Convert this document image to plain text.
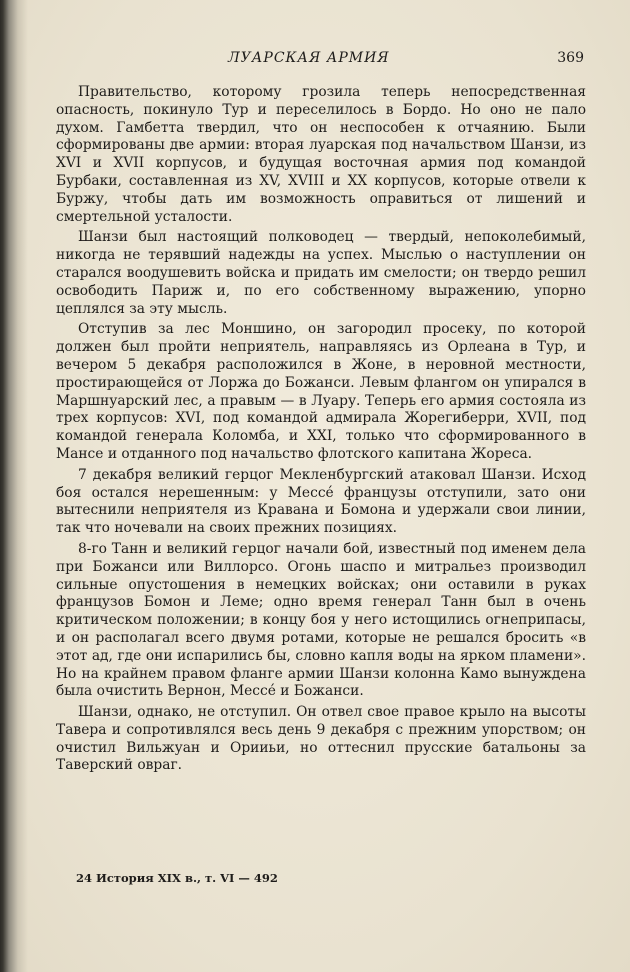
ЛУАРСКАЯ АРМИЯ	369

Правительство, которому грозила теперь непосредственная опасность, покинуло Тур и переселилось в Бордо. Но оно не пало духом. Гамбетта твердил, что он неспособен к отчаянию. Были сформированы две армии: вторая луарская под начальством Шанзи, из XVI и XVII корпусов, и будущая восточная армия под командой Бурбаки, составленная из XV, XVIII и XX корпусов, которые отвели к Буржу, чтобы дать им возможность оправиться от лишений и смертельной усталости.

Шанзи был настоящий полководец — твердый, непоколебимый, никогда не терявший надежды на успех. Мыслью о наступлении он старался воодушевить войска и придать им смелости; он твердо решил освободить Париж и, по его собственному выражению, упорно цеплялся за эту мысль.

Отступив за лес Моншино, он загородил просеку, по которой должен был пройти неприятель, направляясь из Орлеана в Тур, и вечером 5 декабря расположился в Жоне, в неровной местности, простирающейся от Лоржа до Божанси. Левым флангом он упирался в Маршнуарский лес, а правым — в Луару. Теперь его армия состояла из трех корпусов: XVI, под командой адмирала Жорегиберри, XVII, под командой генерала Коломба, и XXI, только что сформированного в Мансе и отданного под начальство флотского капитана Жореса.

7 декабря великий герцог Мекленбургский атаковал Шанзи. Исход боя остался нерешенным: у Мессé французы отступили, зато они вытеснили неприятеля из Кравана и Бомона и удержали свои линии, так что ночевали на своих прежних позициях.

8-го Танн и великий герцог начали бой, известный под именем дела при Божанси или Виллорсо. Огонь шаспо и митральез производил сильные опустошения в немецких войсках; они оставили в руках французов Бомон и Леме; одно время генерал Танн был в очень критическом положении; в концу боя у него истощились огнеприпасы, и он располагал всего двумя ротами, которые не решался бросить «в этот ад, где они испарились бы, словно капля воды на ярком пламени». Но на крайнем правом фланге армии Шанзи колонна Камо вынуждена была очистить Вернон, Мессé и Божанси.

Шанзи, однако, не отступил. Он отвел свое правое крыло на высоты Тавера и сопротивлялся весь день 9 декабря с прежним упорством; он очистил Вильжуан и Орииьи, но оттеснил прусские батальоны за Таверский овраг.

24 История XIX в., т. VI — 492
